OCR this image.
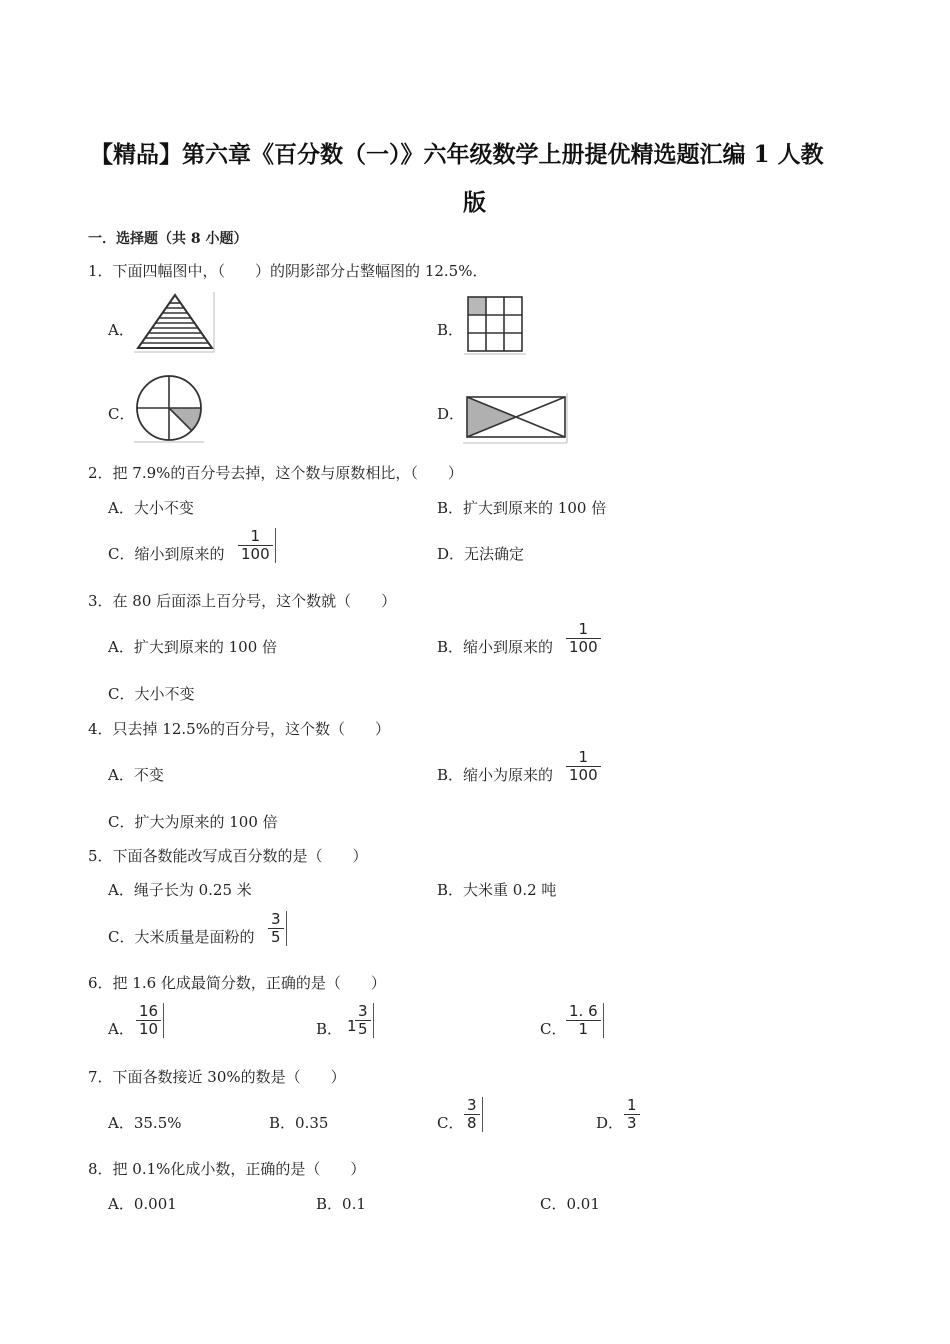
【精品】第六章《百分数（一）》六年级数学上册提优精选题汇编 1 人教
版
一．选择题（共 8 小题）
1．下面四幅图中，（　　）的阴影部分占整幅图的 12.5%．
A．	B．
C．	D．
2．把 7.9%的百分号去掉，这个数与原数相比，（　　）
A．大小不变	B．扩大到原来的 100 倍
C．缩小到原来的
1
100	D．无法确定
3．在 80 后面添上百分号，这个数就（　　）
A．扩大到原来的 100 倍	B．缩小到原来的
1
100
C．大小不变
4．只去掉 12.5%的百分号，这个数（　　）
A．不变	B．缩小为原来的
1
100
C．扩大为原来的 100 倍
5．下面各数能改写成百分数的是（　　）
A．绳子长为 0.25 米	B．大米重 0.2 吨
C．大米质量是面粉的
3
5
6．把 1.6 化成最简分数，正确的是（　　）
A．
16
10	B． 1
3
5	C．
1. 6
1
7．下面各数接近 30%的数是（　　）
A．35.5%	B．0.35	C．
3
8	D．
1
3
8．把 0.1%化成小数，正确的是（　　）
A．0.001	B．0.1	C．0.01
